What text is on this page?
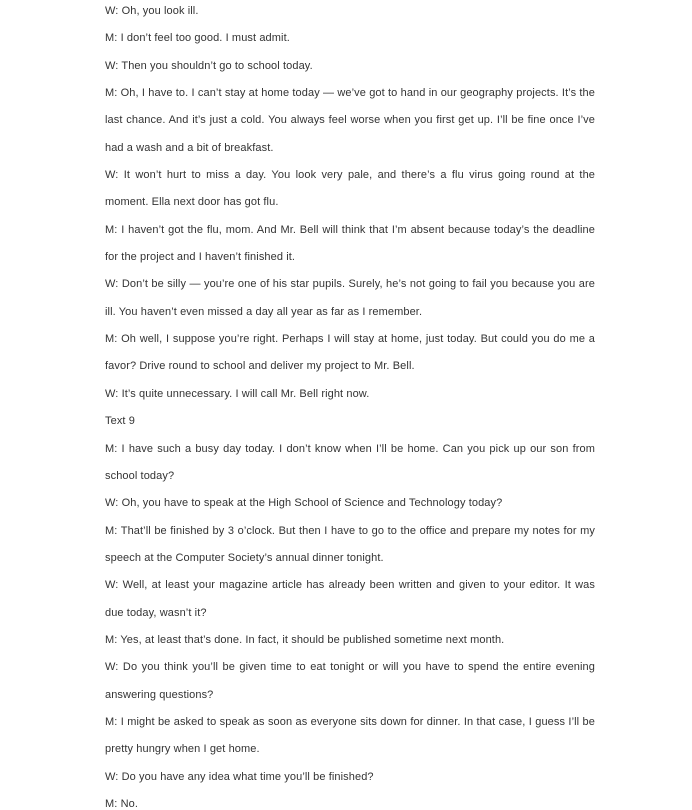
W: Oh, you look ill.

M: I don’t feel too good. I must admit.

W: Then you shouldn’t go to school today.

M: Oh, I have to. I can’t stay at home today — we’ve got to hand in our geography projects. It’s the last chance. And it’s just a cold. You always feel worse when you first get up. I’ll be fine once I’ve had a wash and a bit of breakfast.

W: It won’t hurt to miss a day. You look very pale, and there’s a flu virus going round at the moment. Ella next door has got flu.

M: I haven’t got the flu, mom. And Mr. Bell will think that I’m absent because today’s the deadline for the project and I haven’t finished it.

W: Don’t be silly — you’re one of his star pupils. Surely, he’s not going to fail you because you are ill. You haven’t even missed a day all year as far as I remember.

M: Oh well, I suppose you’re right. Perhaps I will stay at home, just today. But could you do me a favor? Drive round to school and deliver my project to Mr. Bell.

W: It’s quite unnecessary. I will call Mr. Bell right now.

Text 9

M: I have such a busy day today. I don’t know when I’ll be home. Can you pick up our son from school today?

W: Oh, you have to speak at the High School of Science and Technology today?

M: That’ll be finished by 3 o’clock. But then I have to go to the office and prepare my notes for my speech at the Computer Society’s annual dinner tonight.

W: Well, at least your magazine article has already been written and given to your editor. It was due today, wasn’t it?

M: Yes, at least that’s done. In fact, it should be published sometime next month.

W: Do you think you’ll be given time to eat tonight or will you have to spend the entire evening answering questions?

M: I might be asked to speak as soon as everyone sits down for dinner. In that case, I guess I’ll be pretty hungry when I get home.

W: Do you have any idea what time you’ll be finished?

M: No.
